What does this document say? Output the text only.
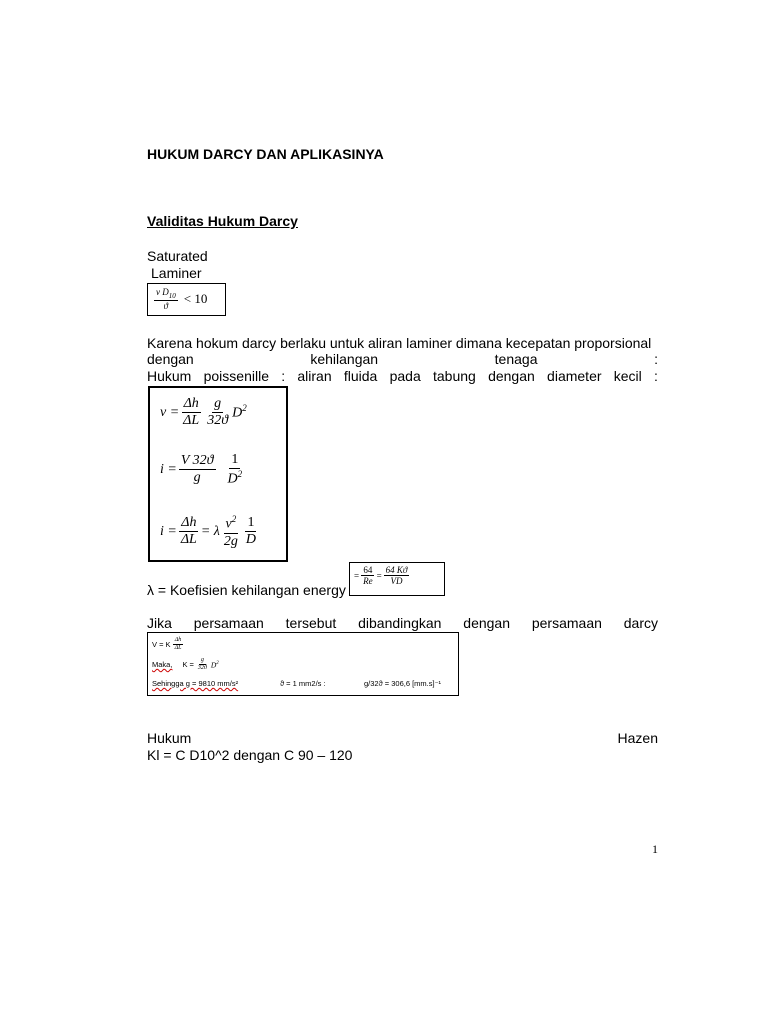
HUKUM DARCY DAN APLIKASINYA
Validitas Hukum Darcy
Saturated
Laminer
$\frac{v D_{10}}{ϑ} < 10$
Karena hokum darcy berlaku untuk aliran laminer dimana kecepatan proporsional
dengan	kehilangan	tenaga	:
Hukum poissenille : aliran fluida pada tabung dengan diameter kecil :
$v = \frac{\Delta h}{\Delta L} \frac{g}{32ϑ} D^2$
$i = \frac{V 32ϑ}{g} \frac{1}{D^2}$
$i = \frac{\Delta h}{\Delta L} = \lambda \frac{v^2}{2g} \frac{1}{D}$
λ = Koefisien kehilangan energy
= $\frac{64}{Re} = \frac{64 Kϑ}{VD}$
Jika persamaan tersebut dibandingkan dengan persamaan darcy
V = K $\frac{\Delta h}{\Delta L}$
Maka, $K = \frac{g}{32ϑ} D^2$
Sehingga g = 9810 mm/s²	ϑ = 1 mm2/s :	g/32ϑ = 306,6 [mm.s]⁻¹
Hukum	Hazen
Kl = C D10^2 dengan C 90 – 120
1
